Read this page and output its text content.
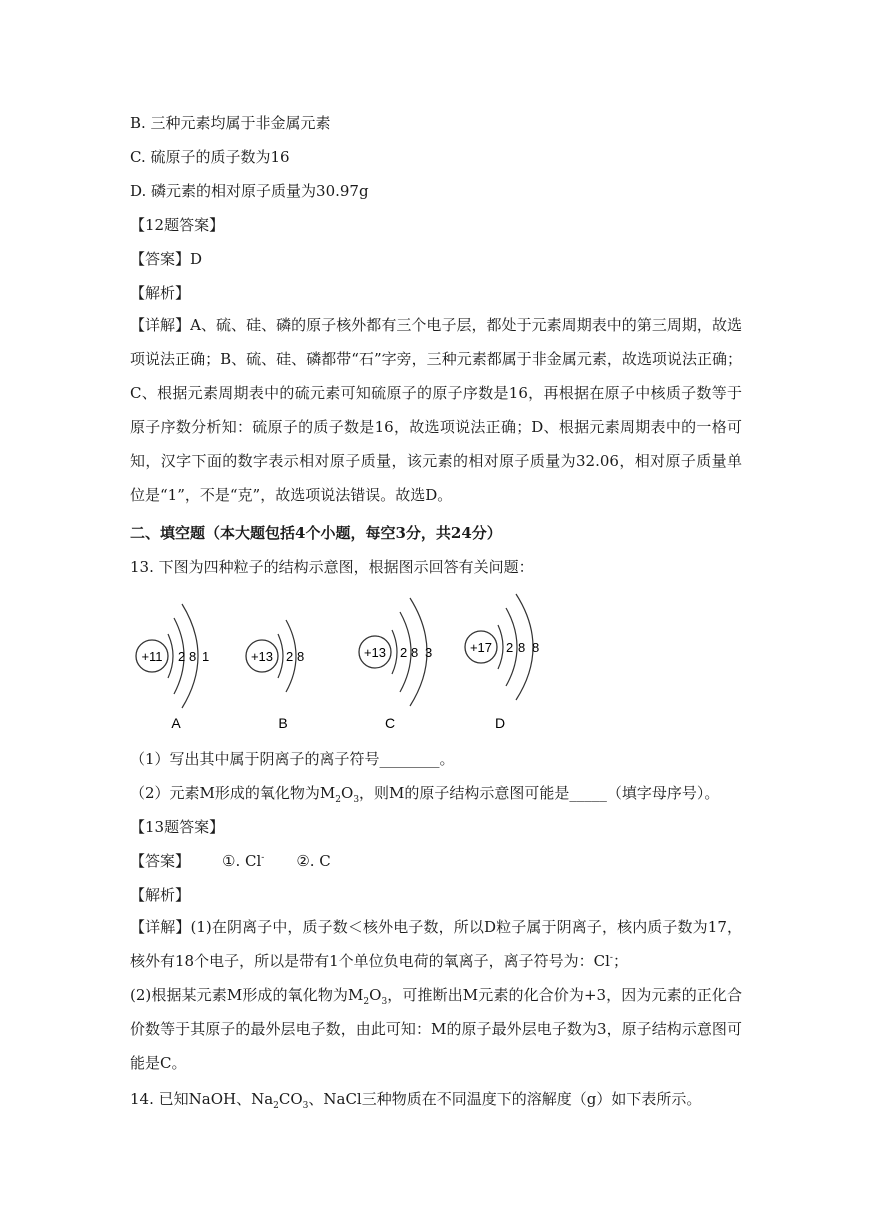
B. 三种元素均属于非金属元素
C. 硫原子的质子数为16
D. 磷元素的相对原子质量为30.97g
【12题答案】
【答案】D
【解析】
【详解】A、硫、硅、磷的原子核外都有三个电子层，都处于元素周期表中的第三周期，故选项说法正确；B、硫、硅、磷都带“石”字旁，三种元素都属于非金属元素，故选项说法正确；C、根据元素周期表中的硫元素可知硫原子的原子序数是16，再根据在原子中核质子数等于原子序数分析知：硫原子的质子数是16，故选项说法正确；D、根据元素周期表中的一格可知，汉字下面的数字表示相对原子质量，该元素的相对原子质量为32.06，相对原子质量单位是“1”，不是“克”，故选项说法错误。故选D。
二、填空题（本大题包括4个小题，每空3分，共24分）
13. 下图为四种粒子的结构示意图，根据图示回答有关问题：
+11 2 8 1
A
+13 2 8
B
+13 2 8 3
C
+17 2 8 8
D
（1）写出其中属于阴离子的离子符号________。
（2）元素M形成的氧化物为$M_2O_3$，则M的原子结构示意图可能是_____（填字母序号）。
【13题答案】
【答案】 ①. Cl- ②. C
【解析】
【详解】(1)在阴离子中，质子数＜核外电子数，所以D粒子属于阴离子，核内质子数为17，核外有18个电子，所以是带有1个单位负电荷的氧离子，离子符号为：Cl-；
(2)根据某元素M形成的氧化物为$M_2O_3$，可推断出M元素的化合价为+3，因为元素的正化合价数等于其原子的最外层电子数，由此可知：M的原子最外层电子数为3，原子结构示意图可能是C。
14. 已知NaOH、$Na_2CO_3$、NaCl三种物质在不同温度下的溶解度（g）如下表所示。
